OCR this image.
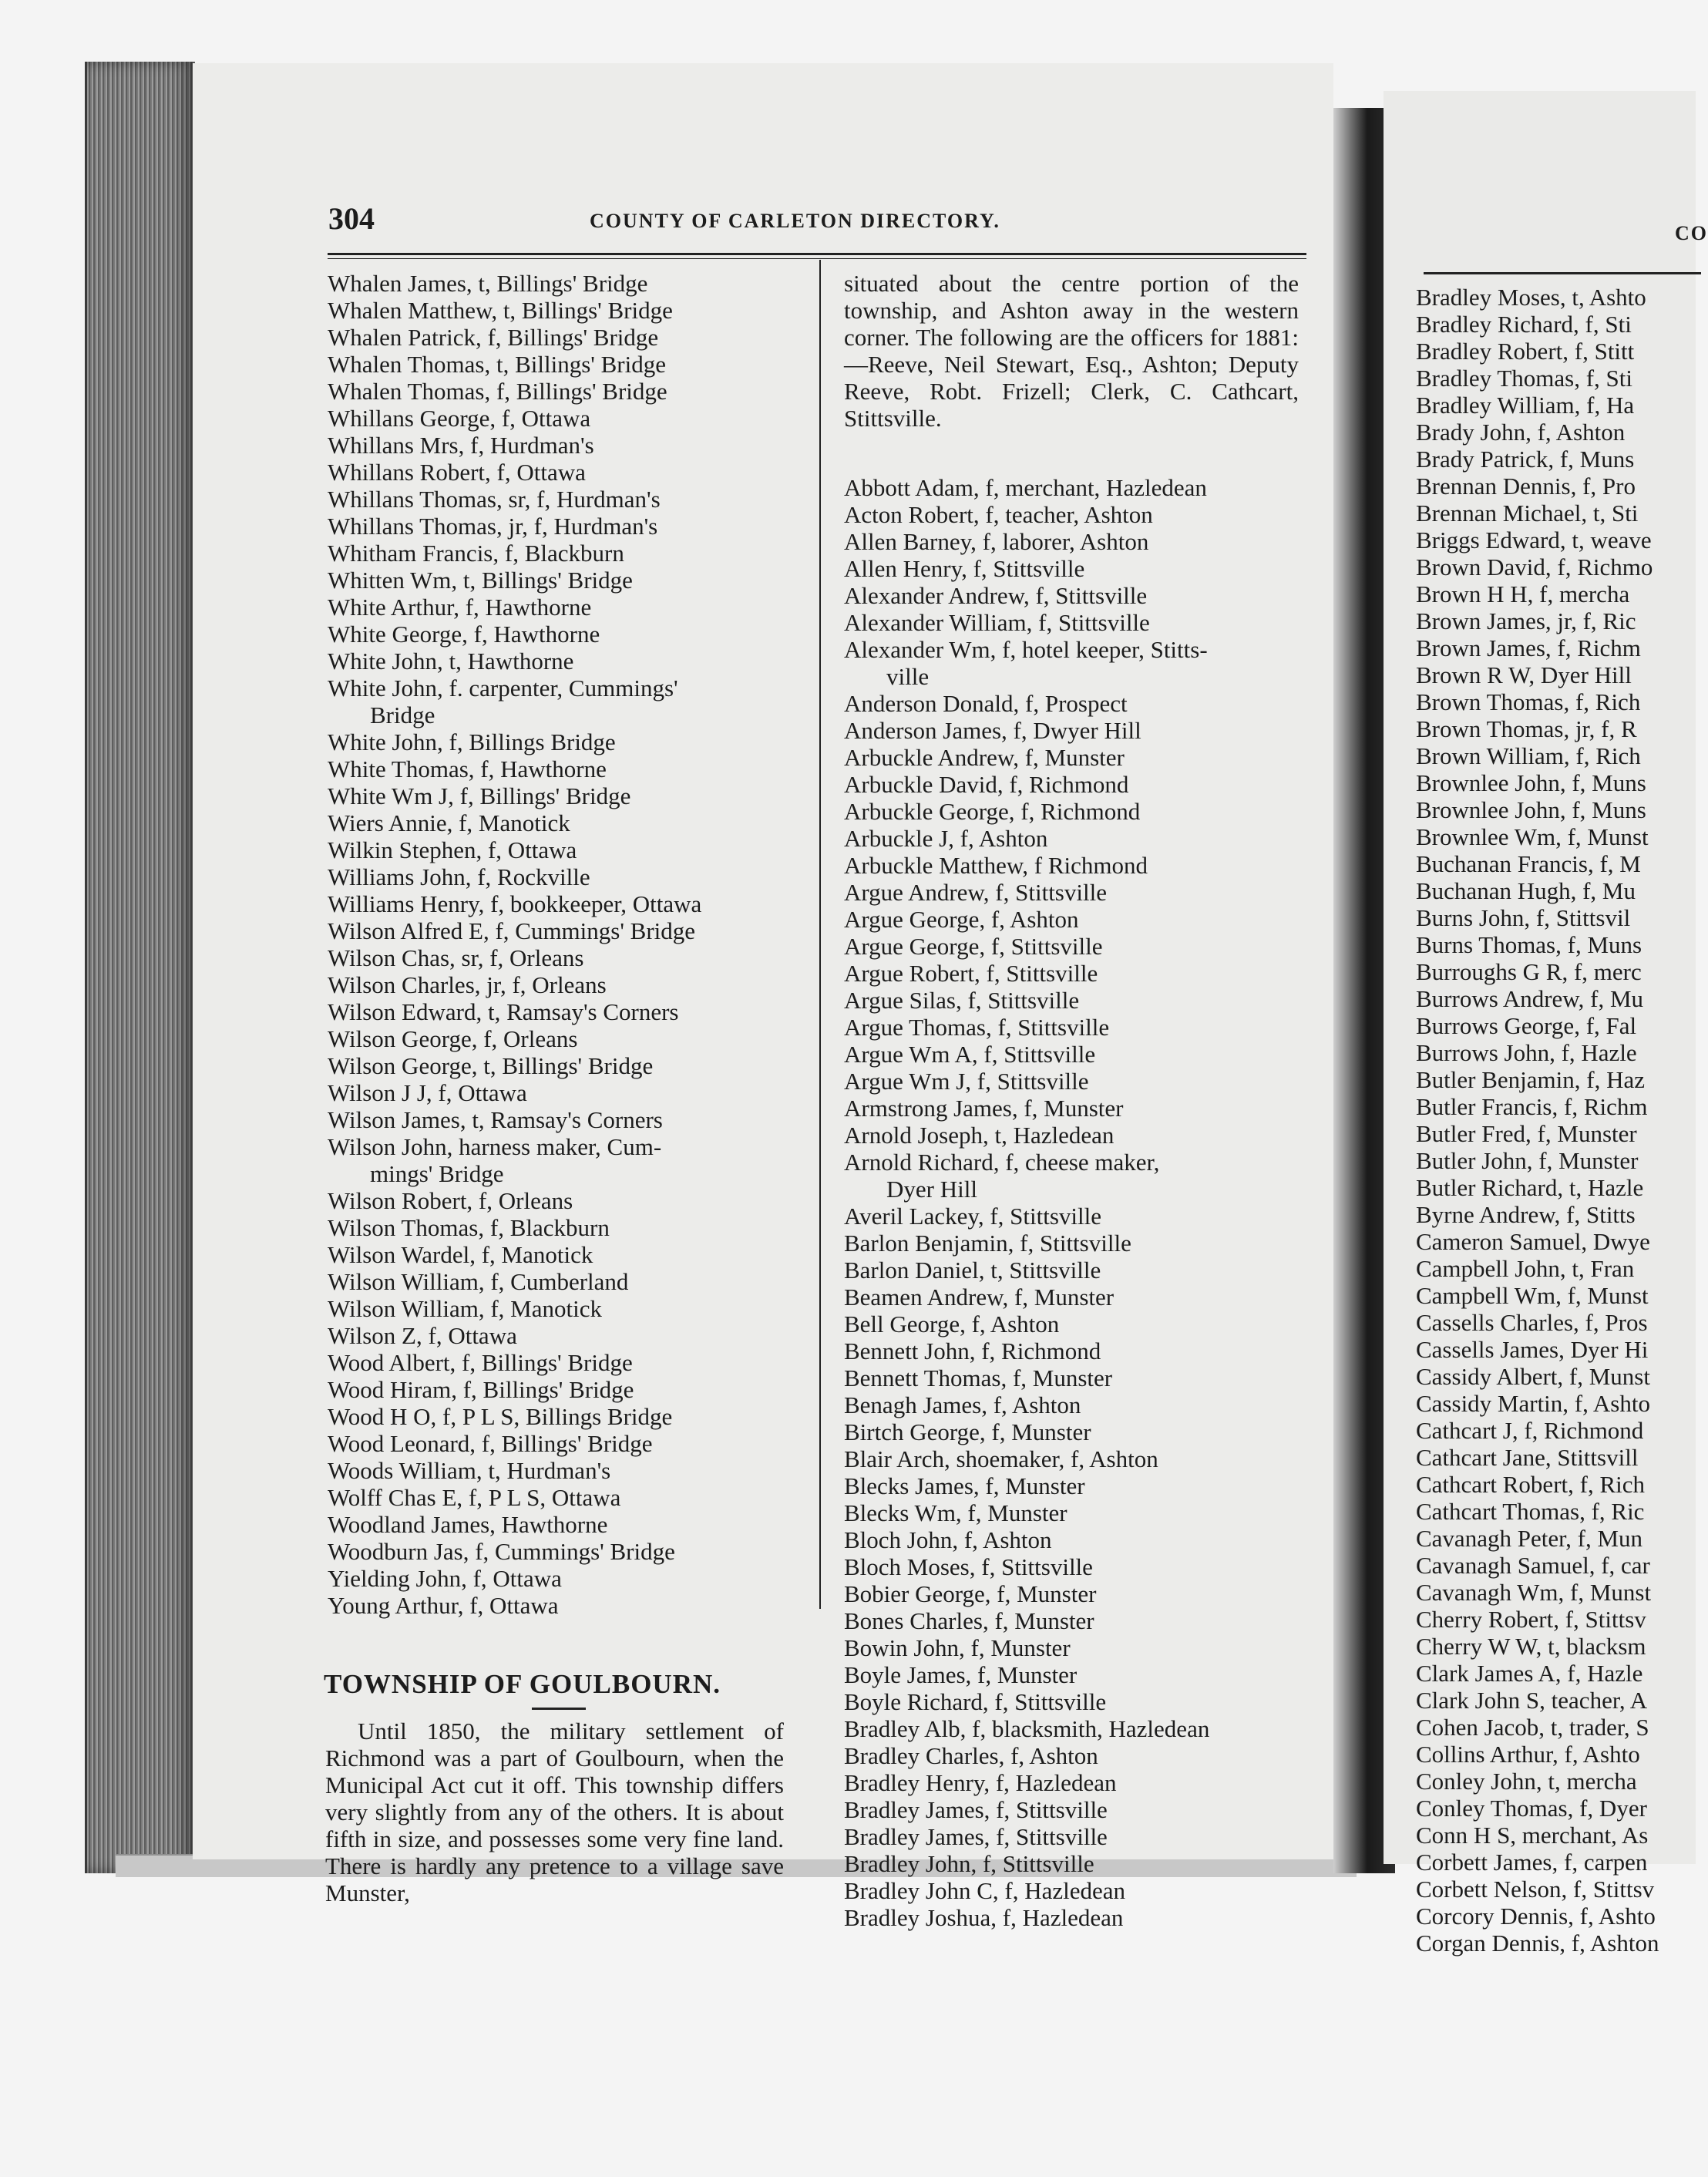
304	COUNTY OF CARLETON DIRECTORY.
Whalen James, t, Billings' Bridge
Whalen Matthew, t, Billings' Bridge
Whalen Patrick, f, Billings' Bridge
Whalen Thomas, t, Billings' Bridge
Whalen Thomas, f, Billings' Bridge
Whillans George, f, Ottawa
Whillans Mrs, f, Hurdman's
Whillans Robert, f, Ottawa
Whillans Thomas, sr, f, Hurdman's
Whillans Thomas, jr, f, Hurdman's
Whitham Francis, f, Blackburn
Whitten Wm, t, Billings' Bridge
White Arthur, f, Hawthorne
White George, f, Hawthorne
White John, t, Hawthorne
White John, f. carpenter, Cummings'
Bridge
White John, f, Billings Bridge
White Thomas, f, Hawthorne
White Wm J, f, Billings' Bridge
Wiers Annie, f, Manotick
Wilkin Stephen, f, Ottawa
Williams John, f, Rockville
Williams Henry, f, bookkeeper, Ottawa
Wilson Alfred E, f, Cummings' Bridge
Wilson Chas, sr, f, Orleans
Wilson Charles, jr, f, Orleans
Wilson Edward, t, Ramsay's Corners
Wilson George, f, Orleans
Wilson George, t, Billings' Bridge
Wilson J J, f, Ottawa
Wilson James, t, Ramsay's Corners
Wilson John, harness maker, Cum-
mings' Bridge
Wilson Robert, f, Orleans
Wilson Thomas, f, Blackburn
Wilson Wardel, f, Manotick
Wilson William, f, Cumberland
Wilson William, f, Manotick
Wilson Z, f, Ottawa
Wood Albert, f, Billings' Bridge
Wood Hiram, f, Billings' Bridge
Wood H O, f, P L S, Billings Bridge
Wood Leonard, f, Billings' Bridge
Woods William, t, Hurdman's
Wolff Chas E, f, P L S, Ottawa
Woodland James, Hawthorne
Woodburn Jas, f, Cummings' Bridge
Yielding John, f, Ottawa
Young Arthur, f, Ottawa
TOWNSHIP OF GOULBOURN.
Until 1850, the military settlement of Richmond was a part of Goulbourn, when the Municipal Act cut it off. This township differs very slightly from any of the others. It is about fifth in size, and possesses some very fine land. There is hardly any pretence to a village save Munster,
situated about the centre portion of the township, and Ashton away in the western corner. The following are the officers for 1881:—Reeve, Neil Stewart, Esq., Ashton; Deputy Reeve, Robt. Frizell; Clerk, C. Cathcart, Stittsville.
Abbott Adam, f, merchant, Hazledean
Acton Robert, f, teacher, Ashton
Allen Barney, f, laborer, Ashton
Allen Henry, f, Stittsville
Alexander Andrew, f, Stittsville
Alexander William, f, Stittsville
Alexander Wm, f, hotel keeper, Stitts-
ville
Anderson Donald, f, Prospect
Anderson James, f, Dwyer Hill
Arbuckle Andrew, f, Munster
Arbuckle David, f, Richmond
Arbuckle George, f, Richmond
Arbuckle J, f, Ashton
Arbuckle Matthew, f Richmond
Argue Andrew, f, Stittsville
Argue George, f, Ashton
Argue George, f, Stittsville
Argue Robert, f, Stittsville
Argue Silas, f, Stittsville
Argue Thomas, f, Stittsville
Argue Wm A, f, Stittsville
Argue Wm J, f, Stittsville
Armstrong James, f, Munster
Arnold Joseph, t, Hazledean
Arnold Richard, f, cheese maker,
Dyer Hill
Averil Lackey, f, Stittsville
Barlon Benjamin, f, Stittsville
Barlon Daniel, t, Stittsville
Beamen Andrew, f, Munster
Bell George, f, Ashton
Bennett John, f, Richmond
Bennett Thomas, f, Munster
Benagh James, f, Ashton
Birtch George, f, Munster
Blair Arch, shoemaker, f, Ashton
Blecks James, f, Munster
Blecks Wm, f, Munster
Bloch John, f, Ashton
Bloch Moses, f, Stittsville
Bobier George, f, Munster
Bones Charles, f, Munster
Bowin John, f, Munster
Boyle James, f, Munster
Boyle Richard, f, Stittsville
Bradley Alb, f, blacksmith, Hazledean
Bradley Charles, f, Ashton
Bradley Henry, f, Hazledean
Bradley James, f, Stittsville
Bradley James, f, Stittsville
Bradley John, f, Stittsville
Bradley John C, f, Hazledean
Bradley Joshua, f, Hazledean
CO
Bradley Moses, t, Ashto
Bradley Richard, f, Sti
Bradley Robert, f, Stitt
Bradley Thomas, f, Sti
Bradley William, f, Ha
Brady John, f, Ashton
Brady Patrick, f, Muns
Brennan Dennis, f, Pro
Brennan Michael, t, Sti
Briggs Edward, t, weave
Brown David, f, Richmo
Brown H H, f, mercha
Brown James, jr, f, Ric
Brown James, f, Richm
Brown R W, Dyer Hill
Brown Thomas, f, Rich
Brown Thomas, jr, f, R
Brown William, f, Rich
Brownlee John, f, Muns
Brownlee John, f, Muns
Brownlee Wm, f, Munst
Buchanan Francis, f, M
Buchanan Hugh, f, Mu
Burns John, f, Stittsvil
Burns Thomas, f, Muns
Burroughs G R, f, merc
Burrows Andrew, f, Mu
Burrows George, f, Fal
Burrows John, f, Hazle
Butler Benjamin, f, Haz
Butler Francis, f, Richm
Butler Fred, f, Munster
Butler John, f, Munster
Butler Richard, t, Hazle
Byrne Andrew, f, Stitts
Cameron Samuel, Dwye
Campbell John, t, Fran
Campbell Wm, f, Munst
Cassells Charles, f, Pros
Cassells James, Dyer Hi
Cassidy Albert, f, Munst
Cassidy Martin, f, Ashto
Cathcart J, f, Richmond
Cathcart Jane, Stittsvill
Cathcart Robert, f, Rich
Cathcart Thomas, f, Ric
Cavanagh Peter, f, Mun
Cavanagh Samuel, f, car
Cavanagh Wm, f, Munst
Cherry Robert, f, Stittsv
Cherry W W, t, blacksm
Clark James A, f, Hazle
Clark John S, teacher, A
Cohen Jacob, t, trader, S
Collins Arthur, f, Ashto
Conley John, t, mercha
Conley Thomas, f, Dyer
Conn H S, merchant, As
Corbett James, f, carpen
Corbett Nelson, f, Stittsv
Corcory Dennis, f, Ashto
Corgan Dennis, f, Ashton
